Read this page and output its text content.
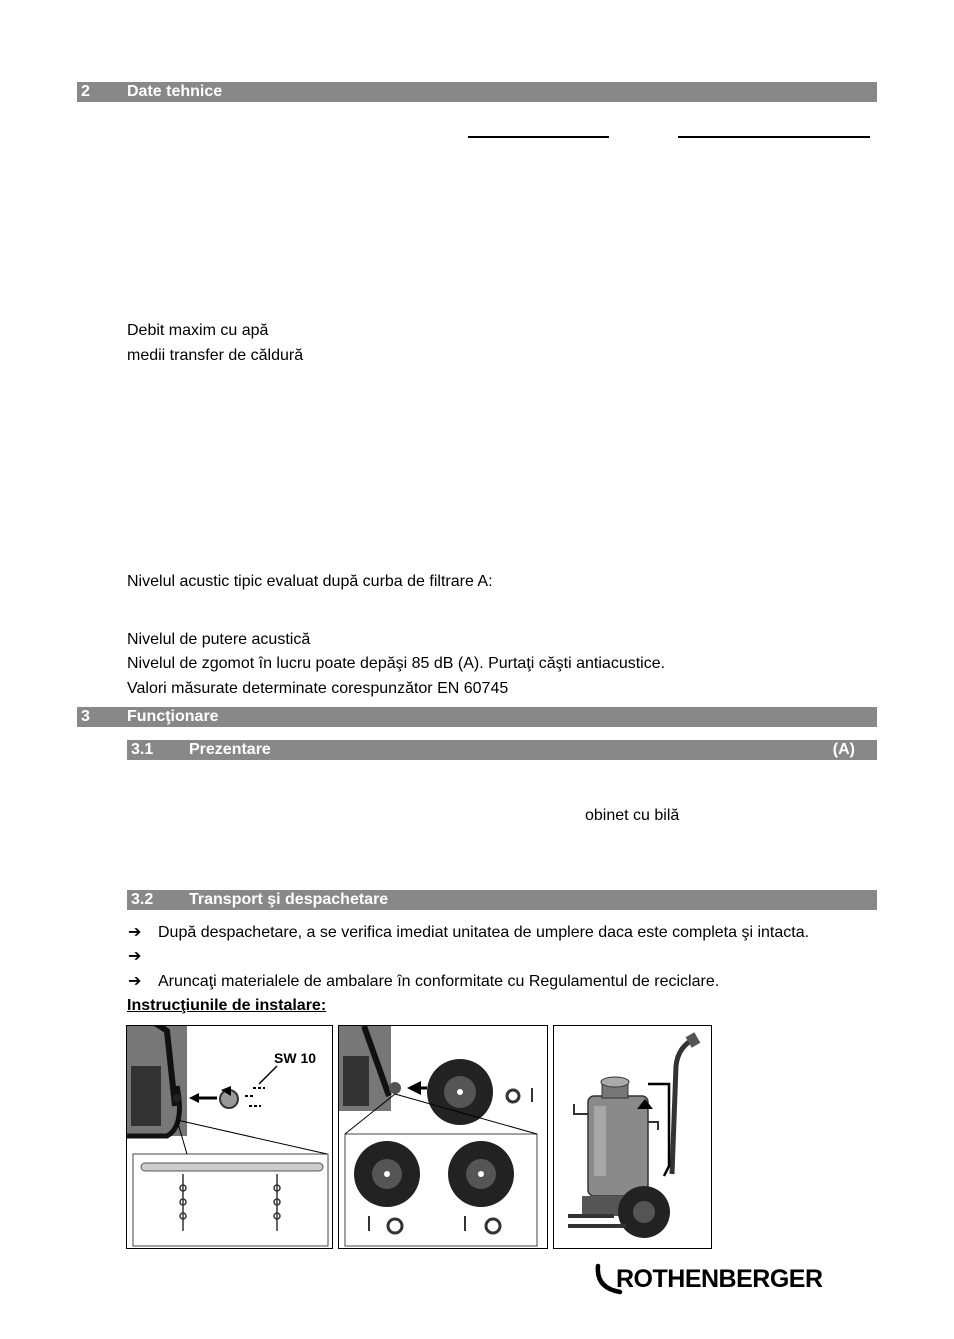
2 Date tehnice
Debit maxim cu apă
medii transfer de căldură
Nivelul acustic tipic evaluat după curba de filtrare A:
Nivelul de putere acustică
Nivelul de zgomot în lucru poate depăşi 85 dB (A). Purtaţi căşti antiacustice.
Valori măsurate determinate corespunzător EN 60745
3 Funcţionare
3.1 Prezentare	(A)
obinet cu bilă
3.2 Transport şi despachetare
➔ După despachetare, a se verifica imediat unitatea de umplere daca este completa şi intacta.
➔
➔ Aruncaţi materialele de ambalare în conformitate cu Regulamentul de reciclare.
Instrucţiunile de instalare:
SW 10
ROTHENBERGER
